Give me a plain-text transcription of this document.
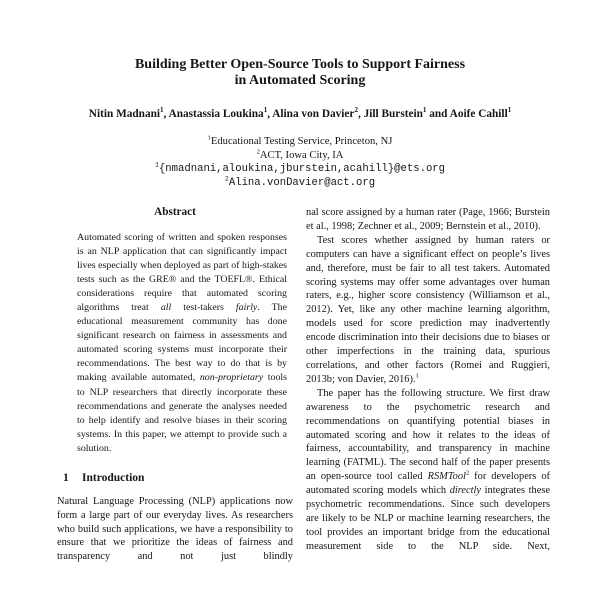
Building Better Open-Source Tools to Support Fairness
in Automated Scoring
Nitin Madnani$^1$, Anastassia Loukina$^1$, Alina von Davier$^2$, Jill Burstein$^1$ and Aoife Cahill$^1$
$^1$Educational Testing Service, Princeton, NJ
$^2$ACT, Iowa City, IA
$^1${nmadnani,aloukina,jburstein,acahill}@ets.org
$^2$Alina.vonDavier@act.org
Abstract

Automated scoring of written and spoken responses is an NLP application that can significantly impact lives especially when deployed as part of high-stakes tests such as the GRE® and the TOEFL®. Ethical considerations require that automated scoring algorithms treat all test-takers fairly. The educational measurement community has done significant research on fairness in assessments and automated scoring systems must incorporate their recommendations. The best way to do that is by making available automated, non-proprietary tools to NLP researchers that directly incorporate these recommendations and generate the analyses needed to help identify and resolve biases in their scoring systems. In this paper, we attempt to provide such a solution.

1 Introduction

Natural Language Processing (NLP) applications now form a large part of our everyday lives. As researchers who build such applications, we have a responsibility to ensure that we prioritize the ideas of fairness and transparency and not just blindly

nal score assigned by a human rater (Page, 1966; Burstein et al., 1998; Zechner et al., 2009; Bernstein et al., 2010).

Test scores whether assigned by human raters or computers can have a significant effect on people’s lives and, therefore, must be fair to all test takers. Automated scoring systems may offer some advantages over human raters, e.g., higher score consistency (Williamson et al., 2012). Yet, like any other machine learning algorithm, models used for score prediction may inadvertently encode discrimination into their decisions due to biases or other imperfections in the training data, spurious correlations, and other factors (Romei and Ruggieri, 2013b; von Davier, 2016).$^1$

The paper has the following structure. We first draw awareness to the psychometric research and recommendations on quantifying potential biases in automated scoring and how it relates to the ideas of fairness, accountability, and transparency in machine learning (FATML). The second half of the paper presents an open-source tool called RSMTool$^2$ for developers of automated scoring models which directly integrates these psychometric recommendations. Since such developers are likely to be NLP or machine learning researchers, the tool provides an important bridge from the educational measurement side to the NLP side. Next,
